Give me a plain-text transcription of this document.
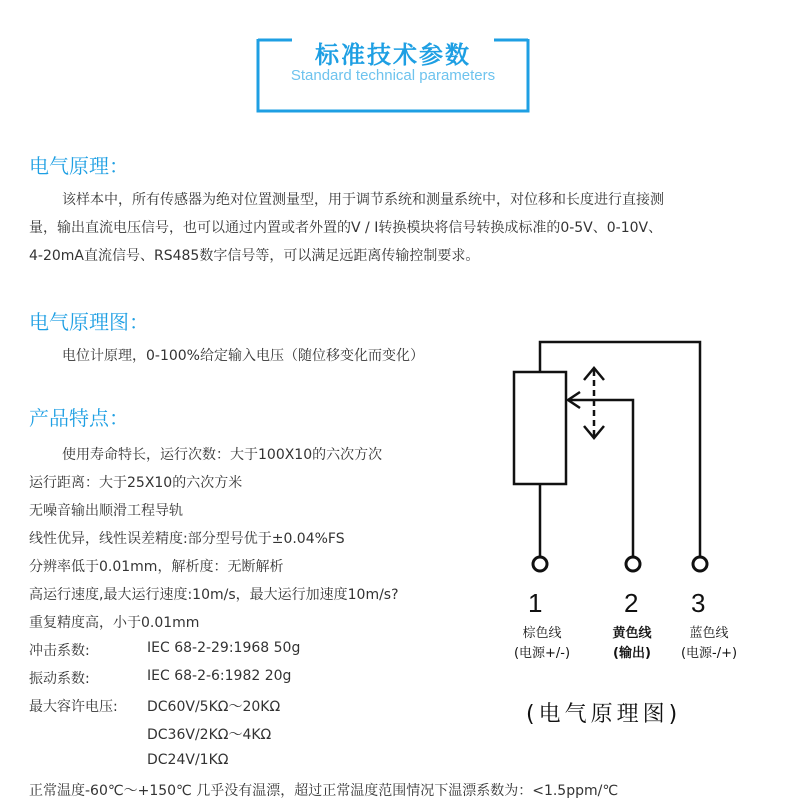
标准技术参数
Standard technical parameters
电气原理：
该样本中，所有传感器为绝对位置测量型，用于调节系统和测量系统中，对位移和长度进行直接测
量，输出直流电压信号，也可以通过内置或者外置的V / I转换模块将信号转换成标准的0-5V、0-10V、
4-20mA直流信号、RS485数字信号等，可以满足远距离传输控制要求。
电气原理图：
电位计原理，0-100%给定输入电压（随位移变化而变化）
产品特点：
使用寿命特长，运行次数：大于100X10的六次方次
运行距离：大于25X10的六次方米
无噪音输出顺滑工程导轨
线性优异，线性误差精度:部分型号优于±0.04%FS
分辨率低于0.01mm，解析度：无断解析
高运行速度,最大运行速度:10m/s，最大运行加速度10m/s?
重复精度高，小于0.01mm
冲击系数:	IEC 68-2-29:1968 50g
振动系数:	IEC 68-2-6:1982 20g
最大容许电压: DC60V/5KΩ～20KΩ
DC36V/2KΩ～4KΩ
DC24V/1KΩ
正常温度-60℃～+150℃ 几乎没有温漂，超过正常温度范围情况下温漂系数为：<1.5ppm/℃
1	2 3
棕色线
(电源+/-)
黄色线
(输出)
蓝色线
(电源-/+)
(电气原理图)
